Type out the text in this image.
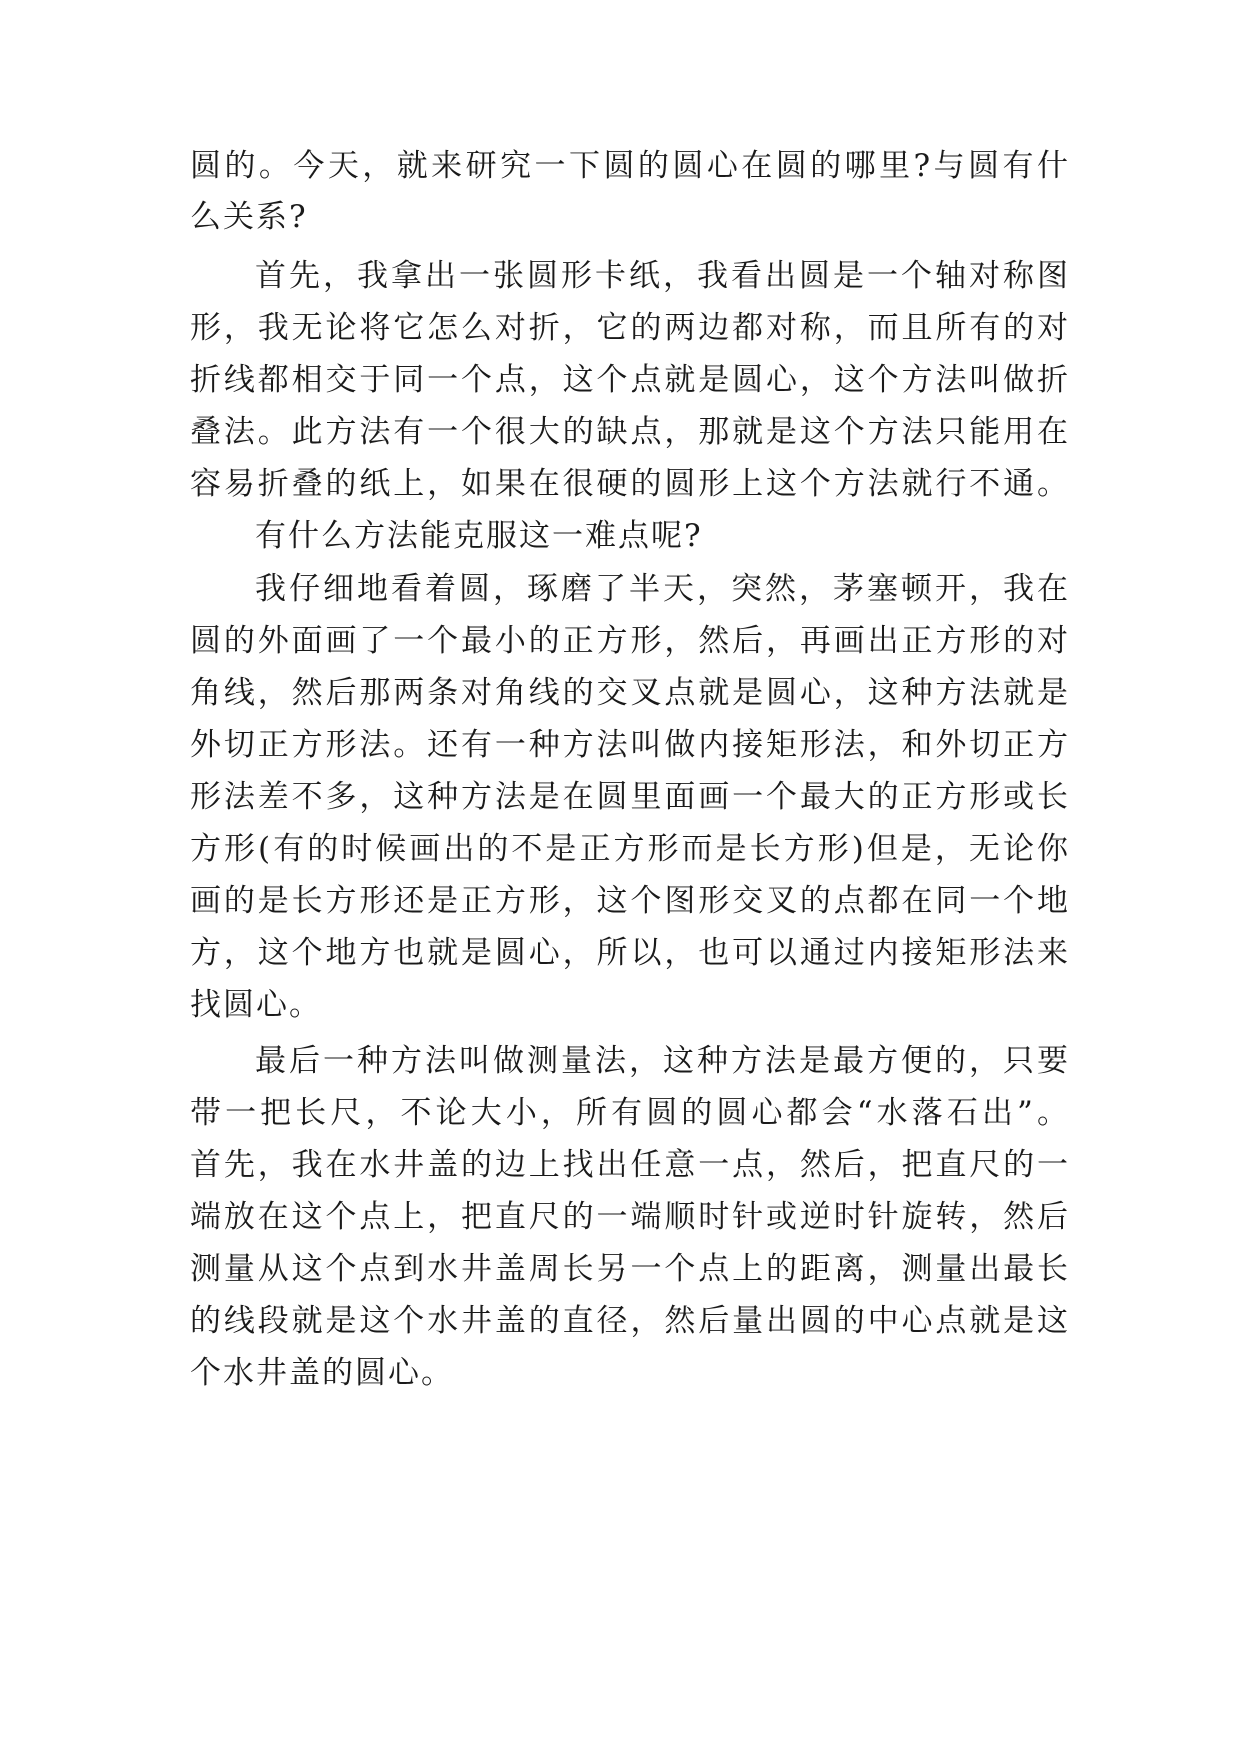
圆的。今天，就来研究一下圆的圆心在圆的哪里?与圆有什
么关系?
首先，我拿出一张圆形卡纸，我看出圆是一个轴对称图
形，我无论将它怎么对折，它的两边都对称，而且所有的对
折线都相交于同一个点，这个点就是圆心，这个方法叫做折
叠法。此方法有一个很大的缺点，那就是这个方法只能用在
容易折叠的纸上，如果在很硬的圆形上这个方法就行不通。
有什么方法能克服这一难点呢?
我仔细地看着圆，琢磨了半天，突然，茅塞顿开，我在
圆的外面画了一个最小的正方形，然后，再画出正方形的对
角线，然后那两条对角线的交叉点就是圆心，这种方法就是
外切正方形法。还有一种方法叫做内接矩形法，和外切正方
形法差不多，这种方法是在圆里面画一个最大的正方形或长
方形(有的时候画出的不是正方形而是长方形)但是，无论你
画的是长方形还是正方形，这个图形交叉的点都在同一个地
方，这个地方也就是圆心，所以，也可以通过内接矩形法来
找圆心。
最后一种方法叫做测量法，这种方法是最方便的，只要
带一把长尺，不论大小，所有圆的圆心都会“水落石出”。
首先，我在水井盖的边上找出任意一点，然后，把直尺的一
端放在这个点上，把直尺的一端顺时针或逆时针旋转，然后
测量从这个点到水井盖周长另一个点上的距离，测量出最长
的线段就是这个水井盖的直径，然后量出圆的中心点就是这
个水井盖的圆心。
